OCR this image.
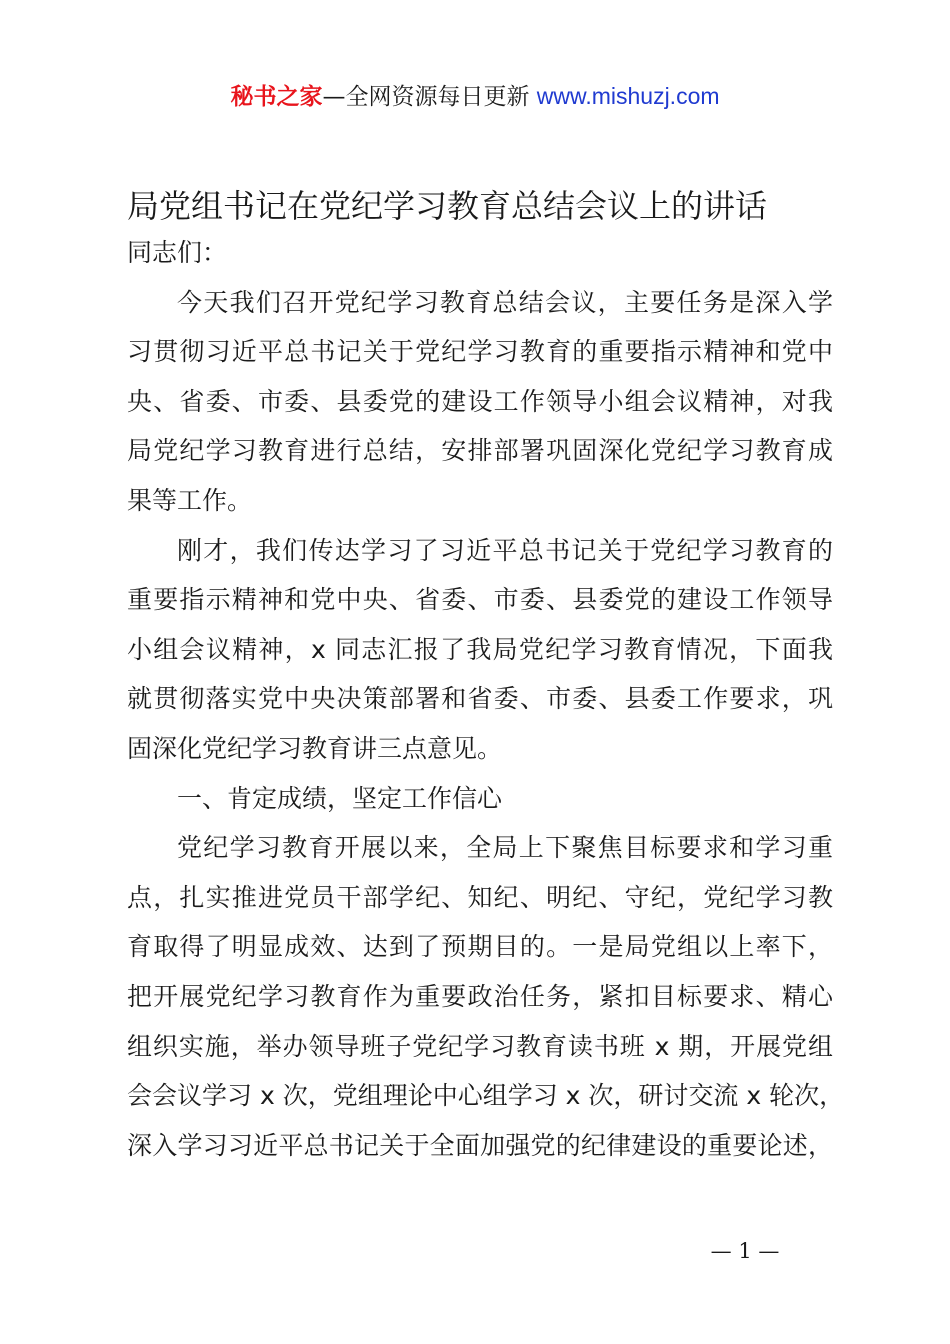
秘书之家—全网资源每日更新 www.mishuzj.com
局党组书记在党纪学习教育总结会议上的讲话
同志们：
今天我们召开党纪学习教育总结会议，主要任务是深入学
习贯彻习近平总书记关于党纪学习教育的重要指示精神和党中
央、省委、市委、县委党的建设工作领导小组会议精神，对我
局党纪学习教育进行总结，安排部署巩固深化党纪学习教育成
果等工作。
刚才，我们传达学习了习近平总书记关于党纪学习教育的
重要指示精神和党中央、省委、市委、县委党的建设工作领导
小组会议精神，x 同志汇报了我局党纪学习教育情况，下面我
就贯彻落实党中央决策部署和省委、市委、县委工作要求，巩
固深化党纪学习教育讲三点意见。
一、肯定成绩，坚定工作信心
党纪学习教育开展以来，全局上下聚焦目标要求和学习重
点，扎实推进党员干部学纪、知纪、明纪、守纪，党纪学习教
育取得了明显成效、达到了预期目的。一是局党组以上率下，
把开展党纪学习教育作为重要政治任务，紧扣目标要求、精心
组织实施，举办领导班子党纪学习教育读书班 x 期，开展党组
会会议学习 x 次，党组理论中心组学习 x 次，研讨交流 x 轮次，
深入学习习近平总书记关于全面加强党的纪律建设的重要论述，
— 1 —
